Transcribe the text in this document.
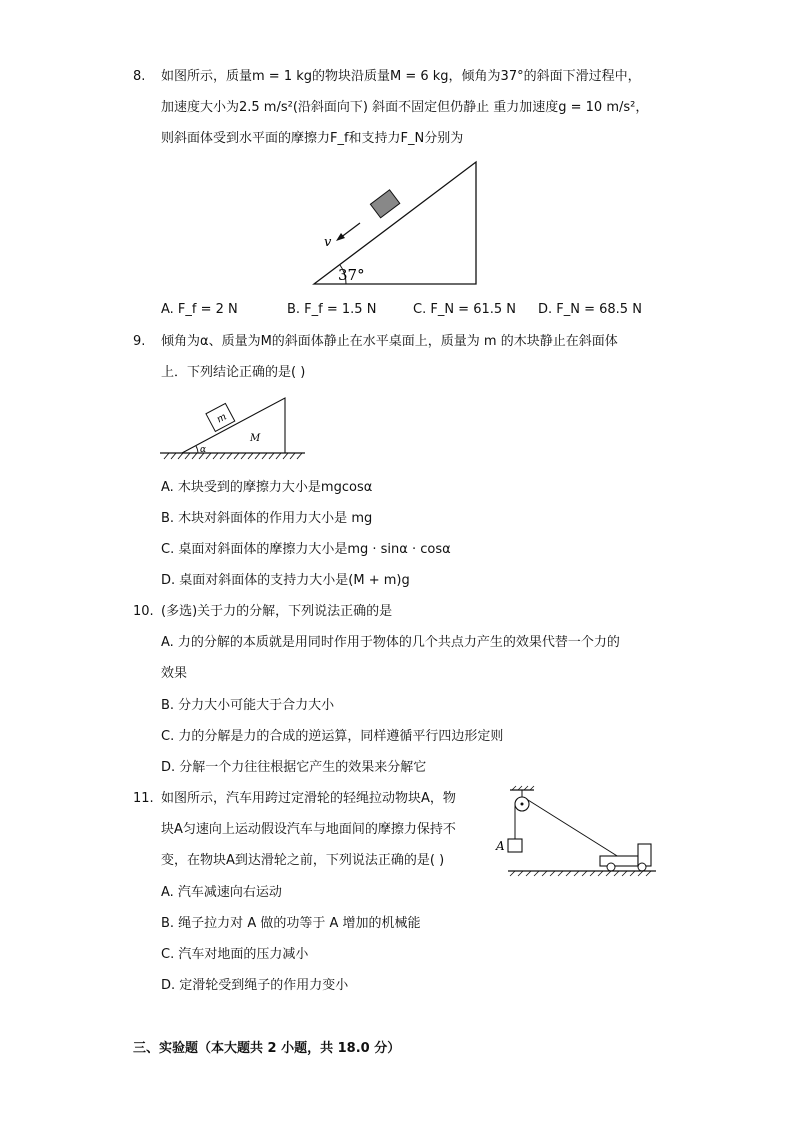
8. 如图所示，质量m = 1 kg的物块沿质量M = 6 kg，倾角为37°的斜面下滑过程中，
加速度大小为2.5 m/s²(沿斜面向下) 斜面不固定但仍静止 重力加速度g = 10 m/s²，
则斜面体受到水平面的摩擦力F_f和支持力F_N分别为
v
37°
A. F_f = 2 N	B. F_f = 1.5 N	C. F_N = 61.5 N D. F_N = 68.5 N
9. 倾角为α、质量为M的斜面体静止在水平桌面上，质量为 m 的木块静止在斜面体
上．下列结论正确的是( )
m
M
α
A. 木块受到的摩擦力大小是mgcosα
B. 木块对斜面体的作用力大小是 mg
C. 桌面对斜面体的摩擦力大小是mg · sinα · cosα
D. 桌面对斜面体的支持力大小是(M + m)g
10. (多选)关于力的分解，下列说法正确的是
A. 力的分解的本质就是用同时作用于物体的几个共点力产生的效果代替一个力的
效果
B. 分力大小可能大于合力大小
C. 力的分解是力的合成的逆运算，同样遵循平行四边形定则
D. 分解一个力往往根据它产生的效果来分解它
11. 如图所示，汽车用跨过定滑轮的轻绳拉动物块A，物
块A匀速向上运动假设汽车与地面间的摩擦力保持不
变，在物块A到达滑轮之前，下列说法正确的是( )
A
A. 汽车减速向右运动
B. 绳子拉力对 A 做的功等于 A 增加的机械能
C. 汽车对地面的压力减小
D. 定滑轮受到绳子的作用力变小
三、实验题（本大题共 2 小题，共 18.0 分）
